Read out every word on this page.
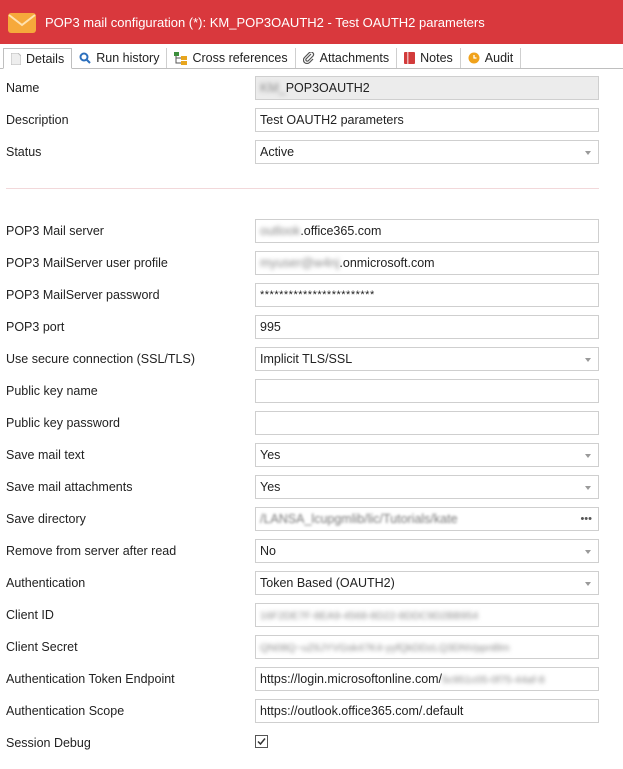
POP3 mail configuration (*): KM_POP3OAUTH2 - Test OAUTH2 parameters
Details	Run history	Cross references	Attachments Notes	Audit
Name	KM_POP3OAUTH2
Description	Test OAUTH2 parameters
Status	Active
POP3 Mail server	outlook.office365.com
POP3 MailServer user profile	myuser@w4nj.onmicrosoft.com
POP3 MailServer password	************************
POP3 port	995
Use secure connection (SSL/TLS)	Implicit TLS/SSL
Public key name
Public key password
Save mail text	Yes
Save mail attachments	Yes
Save directory	/LANSA_lcupgmlib/lic/Tutorials/kate	•••
Remove from server after read	No
Authentication	Token Based (OAUTH2)
Client ID	16F2DE7F-8EA9-4568-8D22-8DDC9D2BB954
Client Secret	QN08Q~uZ6JYVGsk47K4-yyfQkDDzLQ3DNVppn8lm
Authentication Token Endpoint	https://login.microsoftonline.com/5c951c05-0f75-44af-8
Authentication Scope	https://outlook.office365.com/.default
Session Debug
